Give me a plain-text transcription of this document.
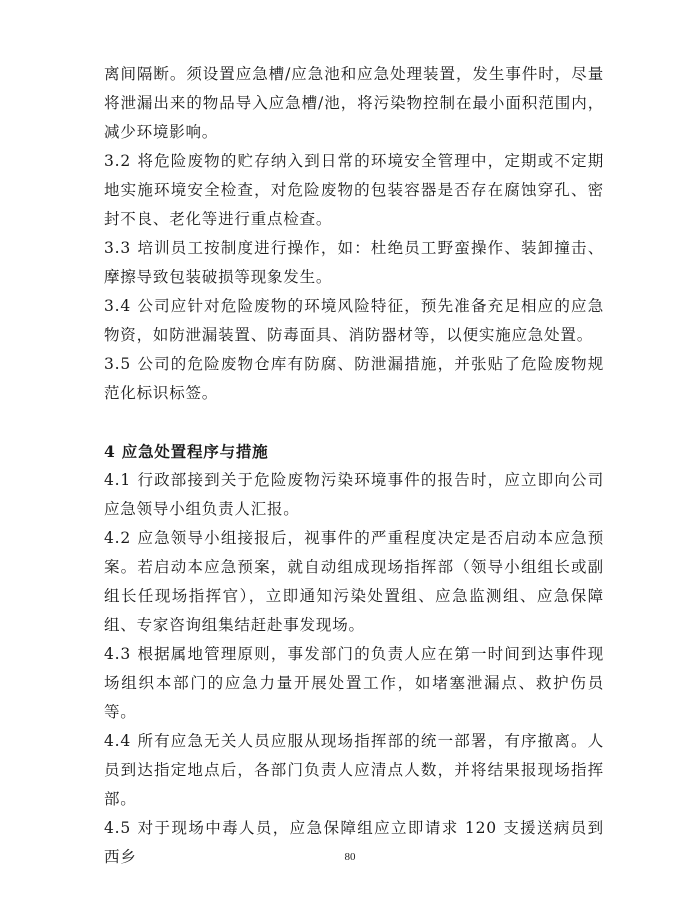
离间隔断。须设置应急槽/应急池和应急处理装置，发生事件时，尽量将泄漏出来的物品导入应急槽/池，将污染物控制在最小面积范围内，减少环境影响。

3.2 将危险废物的贮存纳入到日常的环境安全管理中，定期或不定期地实施环境安全检查，对危险废物的包装容器是否存在腐蚀穿孔、密封不良、老化等进行重点检查。

3.3 培训员工按制度进行操作，如：杜绝员工野蛮操作、装卸撞击、摩擦导致包装破损等现象发生。

3.4 公司应针对危险废物的环境风险特征，预先准备充足相应的应急物资，如防泄漏装置、防毒面具、消防器材等，以便实施应急处置。

3.5 公司的危险废物仓库有防腐、防泄漏措施，并张贴了危险废物规范化标识标签。

4 应急处置程序与措施

4.1 行政部接到关于危险废物污染环境事件的报告时，应立即向公司应急领导小组负责人汇报。

4.2 应急领导小组接报后，视事件的严重程度决定是否启动本应急预案。若启动本应急预案，就自动组成现场指挥部（领导小组组长或副组长任现场指挥官），立即通知污染处置组、应急监测组、应急保障组、专家咨询组集结赶赴事发现场。

4.3 根据属地管理原则，事发部门的负责人应在第一时间到达事件现场组织本部门的应急力量开展处置工作，如堵塞泄漏点、救护伤员等。

4.4 所有应急无关人员应服从现场指挥部的统一部署，有序撤离。人员到达指定地点后，各部门负责人应清点人数，并将结果报现场指挥部。

4.5 对于现场中毒人员，应急保障组应立即请求 120 支援送病员到西乡	80
